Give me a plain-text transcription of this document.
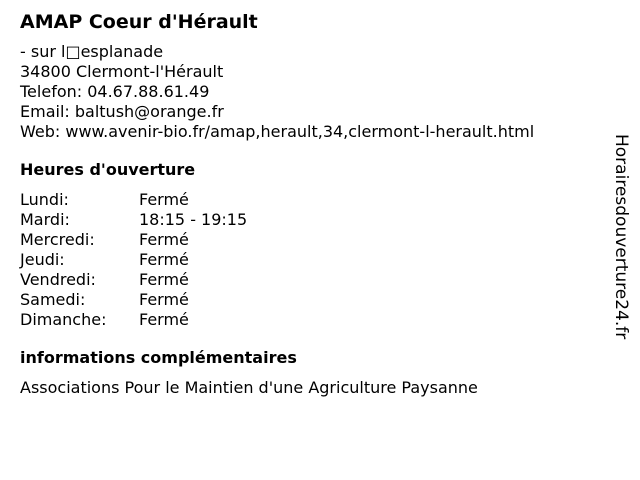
AMAP Coeur d'Hérault
- sur l□esplanade
34800 Clermont-l'Hérault
Telefon: 04.67.88.61.49
Email: baltush@orange.fr
Web: www.avenir-bio.fr/amap,herault,34,clermont-l-herault.html
Heures d'ouverture
Lundi:	Fermé
Mardi:	18:15 - 19:15
Mercredi:	Fermé
Jeudi:	Fermé
Vendredi:	Fermé
Samedi:	Fermé
Dimanche:	Fermé
informations complémentaires
Associations Pour le Maintien d'une Agriculture Paysanne
Horairesdouverture24.fr
